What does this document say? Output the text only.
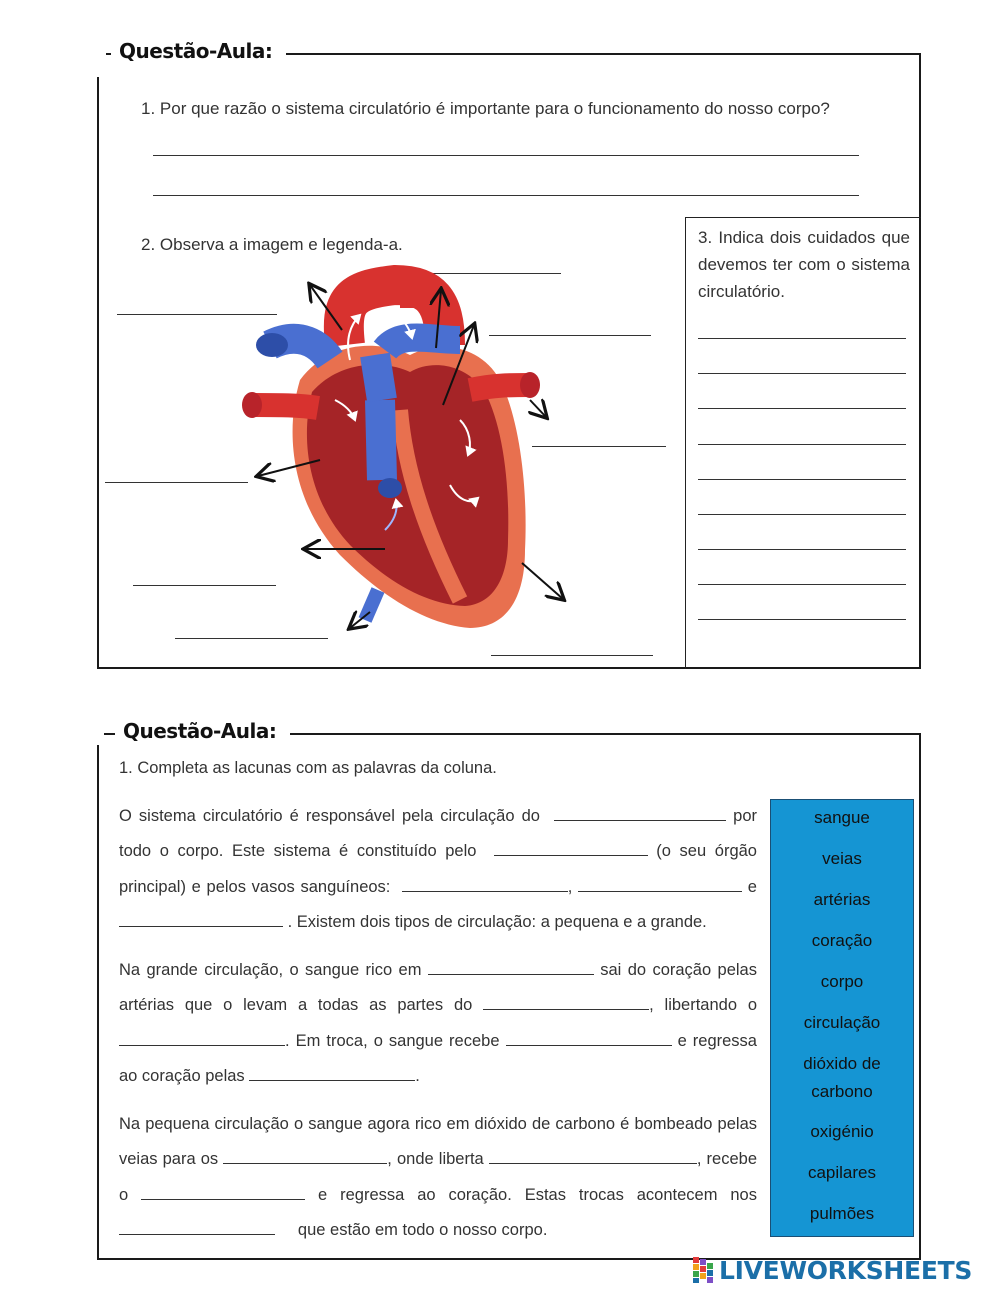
Questão-Aula:
1. Por que razão o sistema circulatório é importante para o funcionamento do nosso corpo?
2. Observa a imagem e legenda-a.	3. Indica dois cuidados que devemos ter com o sistema circulatório.
Questão-Aula:
1. Completa as lacunas com as palavras da coluna.
O sistema circulatório é responsável pela circulação do	por todo o corpo. Este sistema é constituído pelo	(o seu órgão principal) e pelos vasos sanguíneos:	,	e  . Existem dois tipos de circulação: a pequena e a grande.
Na grande circulação, o sangue rico em	sai do coração pelas artérias que o levam a todas as partes do	, libertando o . Em troca, o sangue recebe	e regressa ao coração pelas	.
Na pequena circulação o sangue agora rico em dióxido de carbono é bombeado pelas veias para os	, onde liberta	, recebe o	e regressa ao coração. Estas trocas acontecem nos      que estão em todo o nosso corpo.
sangue
veias
artérias
coração
corpo
circulação
dióxido de carbono
oxigénio
capilares
pulmões
LIVEWORKSHEETS
